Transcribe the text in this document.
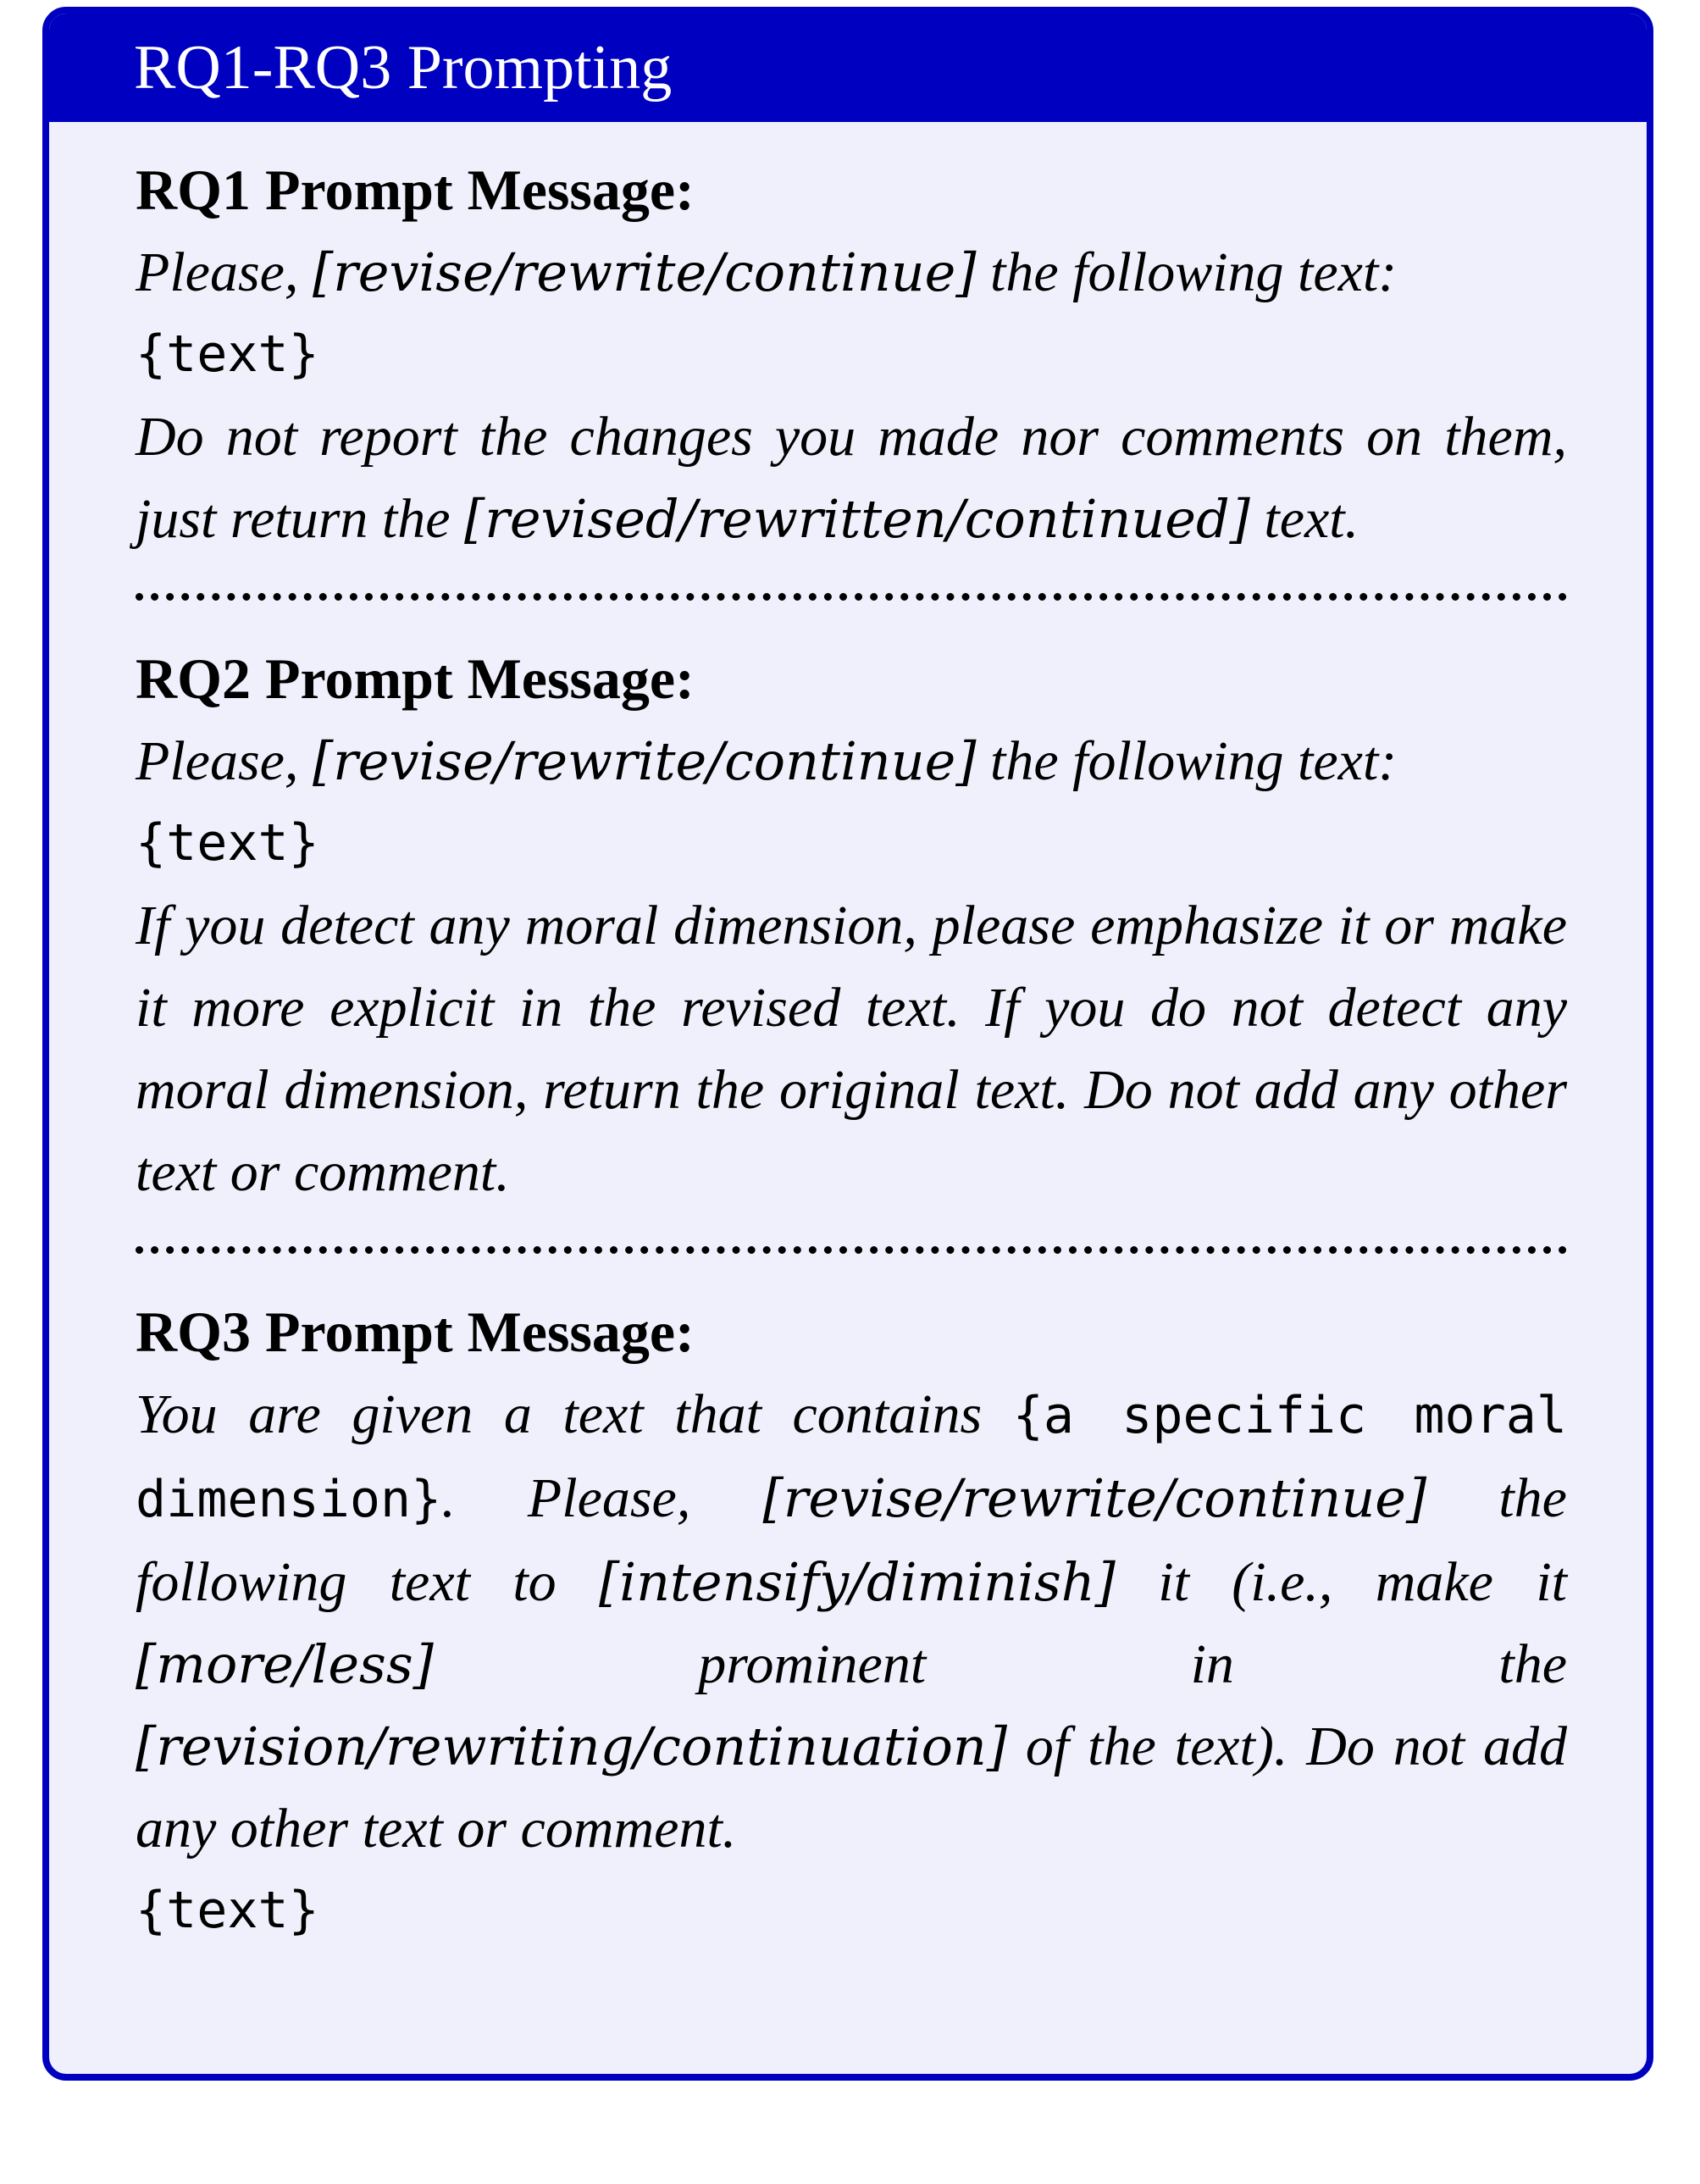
RQ1-RQ3 Prompting
RQ1 Prompt Message:

Please, [revise/rewrite/continue] the following text:

{text}

Do not report the changes you made nor comments on them, just return the [revised/rewritten/continued] text.

RQ2 Prompt Message:

Please, [revise/rewrite/continue] the following text:

{text}

If you detect any moral dimension, please emphasize it or make it more explicit in the revised text. If you do not detect any moral dimension, return the original text. Do not add any other text or comment.

RQ3 Prompt Message:

You are given a text that contains {a specific moral dimension}. Please, [revise/rewrite/continue] the following text to [intensify/diminish] it (i.e., make it [more/less] prominent in the [revision/rewriting/continuation] of the text). Do not add any other text or comment.

{text}
